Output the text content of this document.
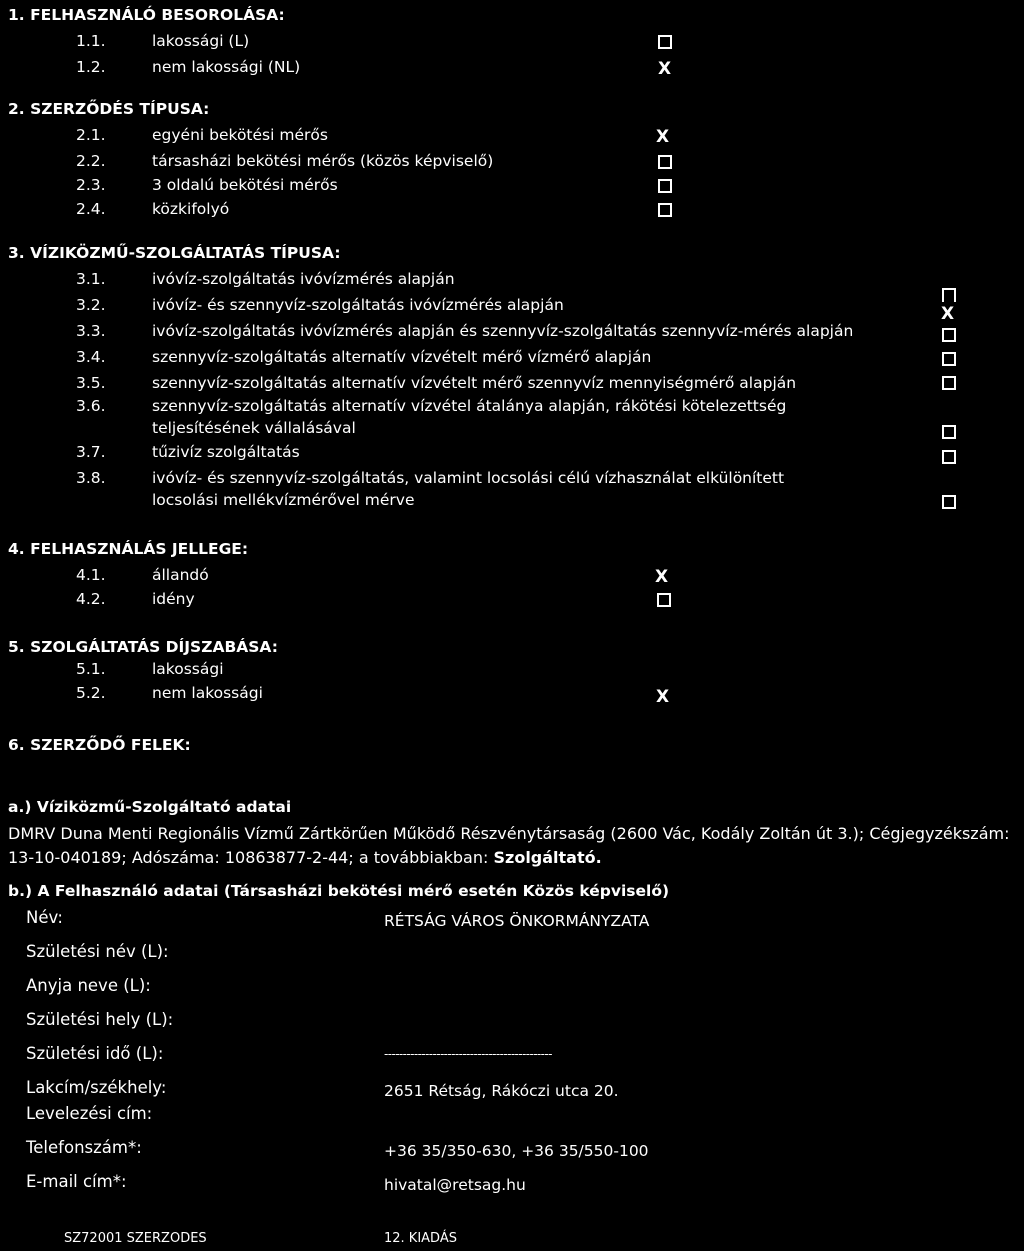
1. FELHASZNÁLÓ BESOROLÁSA:
1.1.	lakossági (L)
1.2.	nem lakossági (NL)	X
2. SZERZŐDÉS TÍPUSA:
2.1.	egyéni bekötési mérős	X
2.2.	társasházi bekötési mérős (közös képviselő)
2.3.	3 oldalú bekötési mérős
2.4.	közkifolyó
3. VÍZIKÖZMŰ-SZOLGÁLTATÁS TÍPUSA:
3.1.	ivóvíz-szolgáltatás ivóvízmérés alapján
3.2.	ivóvíz- és szennyvíz-szolgáltatás ivóvízmérés alapján	X
3.3.	ivóvíz-szolgáltatás ivóvízmérés alapján és szennyvíz-szolgáltatás szennyvíz-mérés alapján
3.4.	szennyvíz-szolgáltatás alternatív vízvételt mérő vízmérő alapján
3.5.	szennyvíz-szolgáltatás alternatív vízvételt mérő szennyvíz mennyiségmérő alapján
3.6.	szennyvíz-szolgáltatás alternatív vízvétel átalánya alapján, rákötési kötelezettség
teljesítésének vállalásával
3.7.	tűzivíz szolgáltatás
3.8.	ivóvíz- és szennyvíz-szolgáltatás, valamint locsolási célú vízhasználat elkülönített
locsolási mellékvízmérővel mérve
4. FELHASZNÁLÁS JELLEGE:
4.1.	állandó	X
4.2.	idény
5. SZOLGÁLTATÁS DÍJSZABÁSA:
5.1.	lakossági
5.2.	nem lakossági	X
6. SZERZŐDŐ FELEK:
a.) Víziközmű-Szolgáltató adatai
DMRV Duna Menti Regionális Vízmű Zártkörűen Működő Részvénytársaság (2600 Vác, Kodály Zoltán út 3.); Cégjegyzékszám:
13-10-040189; Adószáma: 10863877-2-44; a továbbiakban: Szolgáltató.
b.) A Felhasználó adatai (Társasházi bekötési mérő esetén Közös képviselő)
Név:	RÉTSÁG VÁROS ÖNKORMÁNYZATA
Születési név (L):
Anyja neve (L):
Születési hely (L):
Születési idő (L):	---------------------------------------------
Lakcím/székhely:	2651 Rétság, Rákóczi utca 20.
Levelezési cím:
Telefonszám*:	+36 35/350-630, +36 35/550-100
E-mail cím*:	hivatal@retsag.hu
SZ72001 SZERZODES	12. KIADÁS
